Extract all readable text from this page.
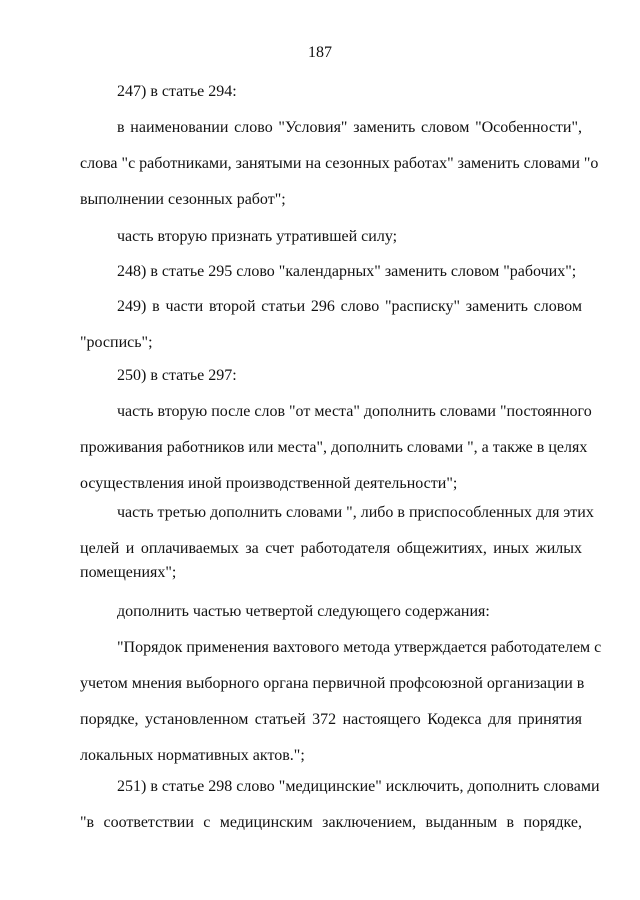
187
247) в статье 294:
в наименовании слово "Условия" заменить словом "Особенности",
слова "с работниками, занятыми на сезонных работах" заменить словами "о
выполнении сезонных работ";
часть вторую признать утратившей силу;
248) в статье 295 слово "календарных" заменить словом "рабочих";
249) в части второй статьи 296 слово "расписку" заменить словом
"роспись";
250) в статье 297:
часть вторую после слов "от места" дополнить словами "постоянного
проживания работников или места", дополнить словами ", а также в целях
осуществления иной производственной деятельности";
часть третью дополнить словами ", либо в приспособленных для этих
целей и оплачиваемых за счет работодателя общежитиях, иных жилых
помещениях";
дополнить частью четвертой следующего содержания:
"Порядок применения вахтового метода утверждается работодателем с
учетом мнения выборного органа первичной профсоюзной организации в
порядке, установленном статьей 372 настоящего Кодекса для принятия
локальных нормативных актов.";
251) в статье 298 слово "медицинские" исключить, дополнить словами
"в соответствии с медицинским заключением, выданным в порядке,
